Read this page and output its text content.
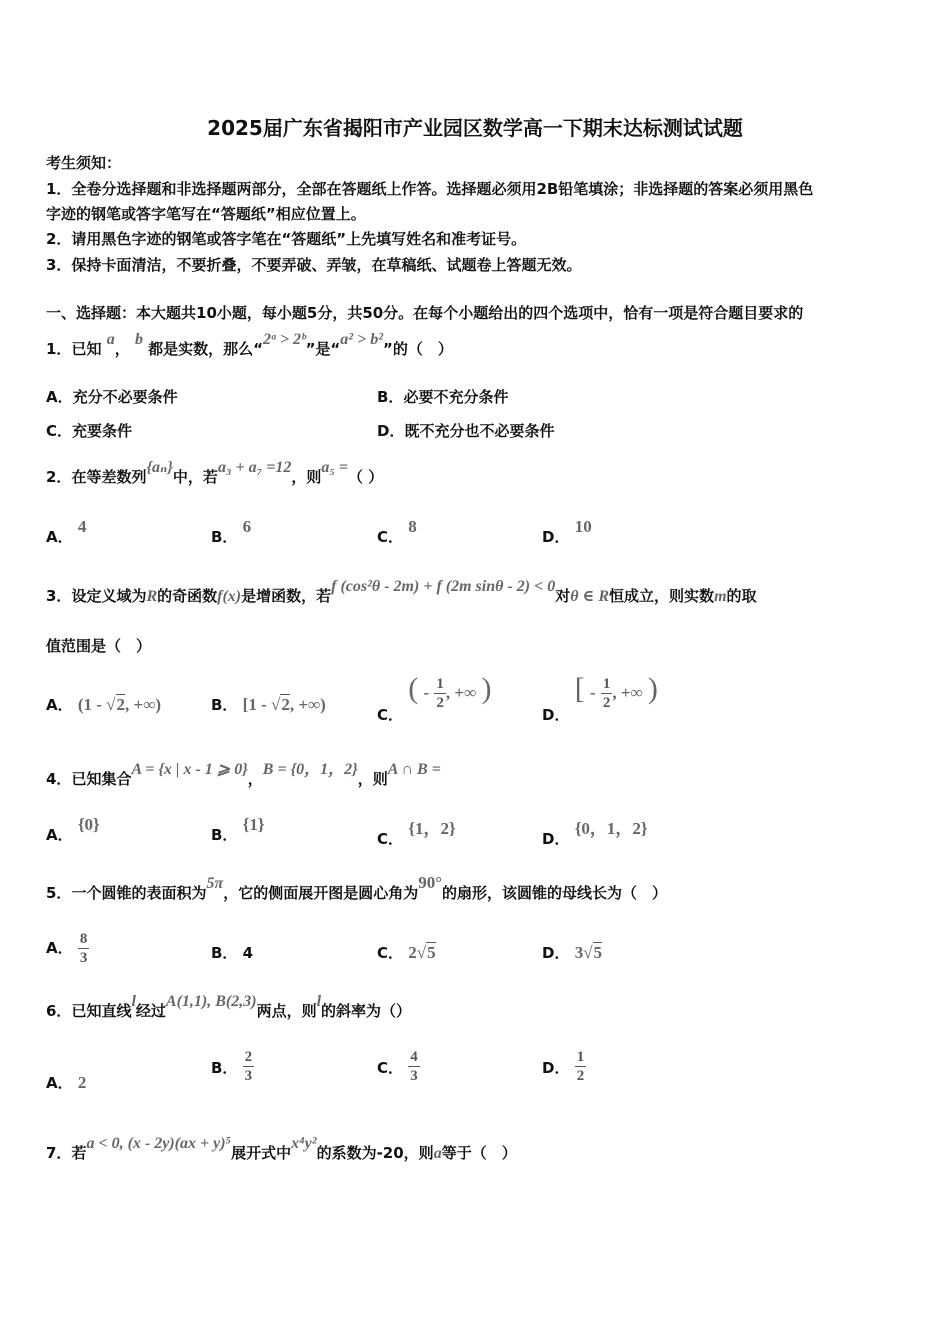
2025届广东省揭阳市产业园区数学高一下期末达标测试试题
考生须知：
1．全卷分选择题和非选择题两部分，全部在答题纸上作答。选择题必须用2B铅笔填涂；非选择题的答案必须用黑色
字迹的钢笔或答字笔写在“答题纸”相应位置上。
2．请用黑色字迹的钢笔或答字笔在“答题纸”上先填写姓名和准考证号。
3．保持卡面清洁，不要折叠，不要弄破、弄皱，在草稿纸、试题卷上答题无效。
一、选择题：本大题共10小题，每小题5分，共50分。在每个小题给出的四个选项中，恰有一项是符合题目要求的
1．已知 a， b 都是实数，那么“2ᵃ > 2ᵇ”是“a² > b²”的（　）
A．充分不必要条件	B．必要不充分条件
C．充要条件	D．既不充分也不必要条件
2．在等差数列{aₙ}中，若a₃ + a₇ =12，则a₅ =（ ）
A． 4
B． 6
C． 8
D． 10
3．设定义域为R的奇函数f(x)是增函数，若f (cos²θ - 2m) + f (2m sinθ - 2) < 0对θ ∈ R恒成立，则实数m的取
值范围是（　）
A． (1 - √2, +∞)	B． [1 - √2, +∞)
C． ( - $\frac{1}{2}$ , +∞ )
D． [ - $\frac{1}{2}$ , +∞ )
4．已知集合A = {x | x - 1 ⩾ 0}，B = {0，1，2}，则A ∩ B =
A． {0}
B． {1}
C． {1，2}
D． {0，1，2}
5．一个圆锥的表面积为5π，它的侧面展开图是圆心角为90°的扇形，该圆锥的母线长为（　）
A． $\frac{8}{3}$	B． 4	C． 2√5	D． 3√5
6．已知直线l经过A(1,1), B(2,3)两点，则l的斜率为（）
A． 2
B． $\frac{2}{3}$	C． $\frac{4}{3}$	D． $\frac{1}{2}$
7．若a < 0, (x - 2y)(ax + y)⁵展开式中x⁴y²的系数为-20，则a等于（　）
